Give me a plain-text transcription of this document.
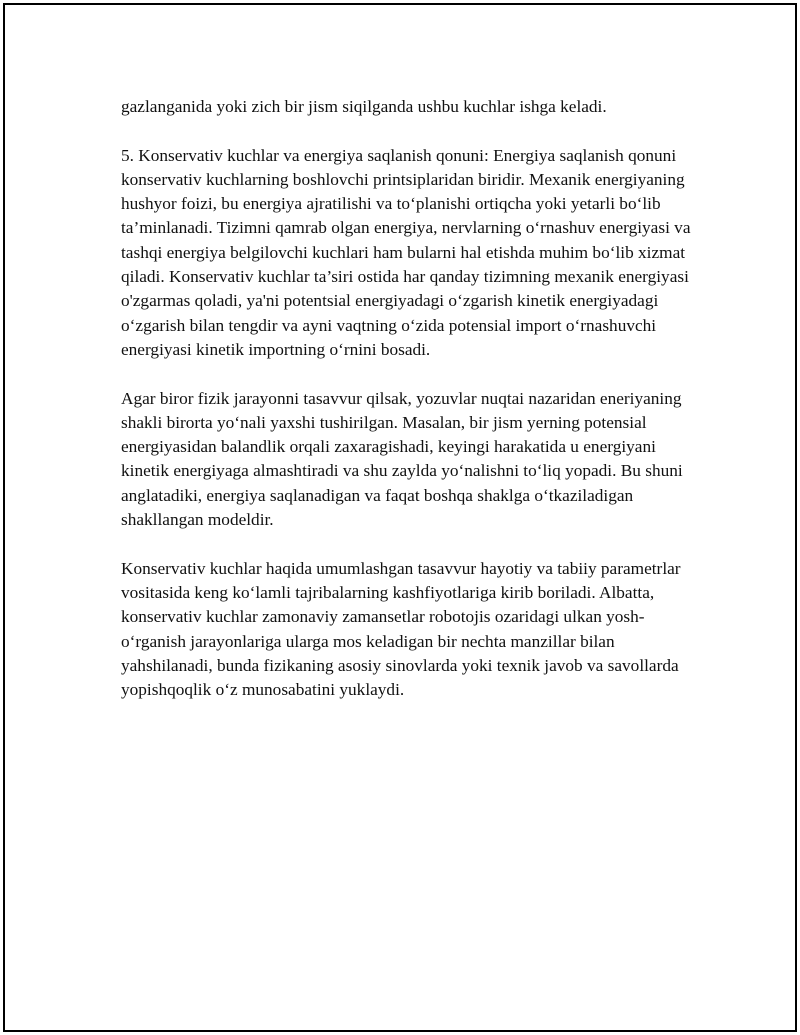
gazlanganida yoki zich bir jism siqilganda ushbu kuchlar ishga keladi.

5. Konservativ kuchlar va energiya saqlanish qonuni: Energiya saqlanish qonuni konservativ kuchlarning boshlovchi printsiplaridan biridir. Mexanik energiyaning hushyor foizi, bu energiya ajratilishi va to‘planishi ortiqcha yoki yetarli bo‘lib ta’minlanadi. Tizimni qamrab olgan energiya, nervlarning o‘rnashuv energiyasi va tashqi energiya belgilovchi kuchlari ham bularni hal etishda muhim bo‘lib xizmat qiladi. Konservativ kuchlar ta’siri ostida har qanday tizimning mexanik energiyasi o'zgarmas qoladi, ya'ni potentsial energiyadagi o‘zgarish kinetik energiyadagi o‘zgarish bilan tengdir va ayni vaqtning o‘zida potensial import o‘rnashuvchi energiyasi kinetik importning o‘rnini bosadi.

Agar biror fizik jarayonni tasavvur qilsak, yozuvlar nuqtai nazaridan eneriyaning shakli birorta yo‘nali yaxshi tushirilgan. Masalan, bir jism yerning potensial energiyasidan balandlik orqali zaxaragishadi, keyingi harakatida u energiyani kinetik energiyaga almashtiradi va shu zaylda yo‘nalishni to‘liq yopadi. Bu shuni anglatadiki, energiya saqlanadigan va faqat boshqa shaklga o‘tkaziladigan shakllangan modeldir.

Konservativ kuchlar haqida umumlashgan tasavvur hayotiy va tabiiy parametrlar vositasida keng ko‘lamli tajribalarning kashfiyotlariga kirib boriladi. Albatta, konservativ kuchlar zamonaviy zamansetlar robotojis ozaridagi ulkan yosh-o‘rganish jarayonlariga ularga mos keladigan bir nechta manzillar bilan yahshilanadi, bunda fizikaning asosiy sinovlarda yoki texnik javob va savollarda yopishqoqlik o‘z munosabatini yuklaydi.
